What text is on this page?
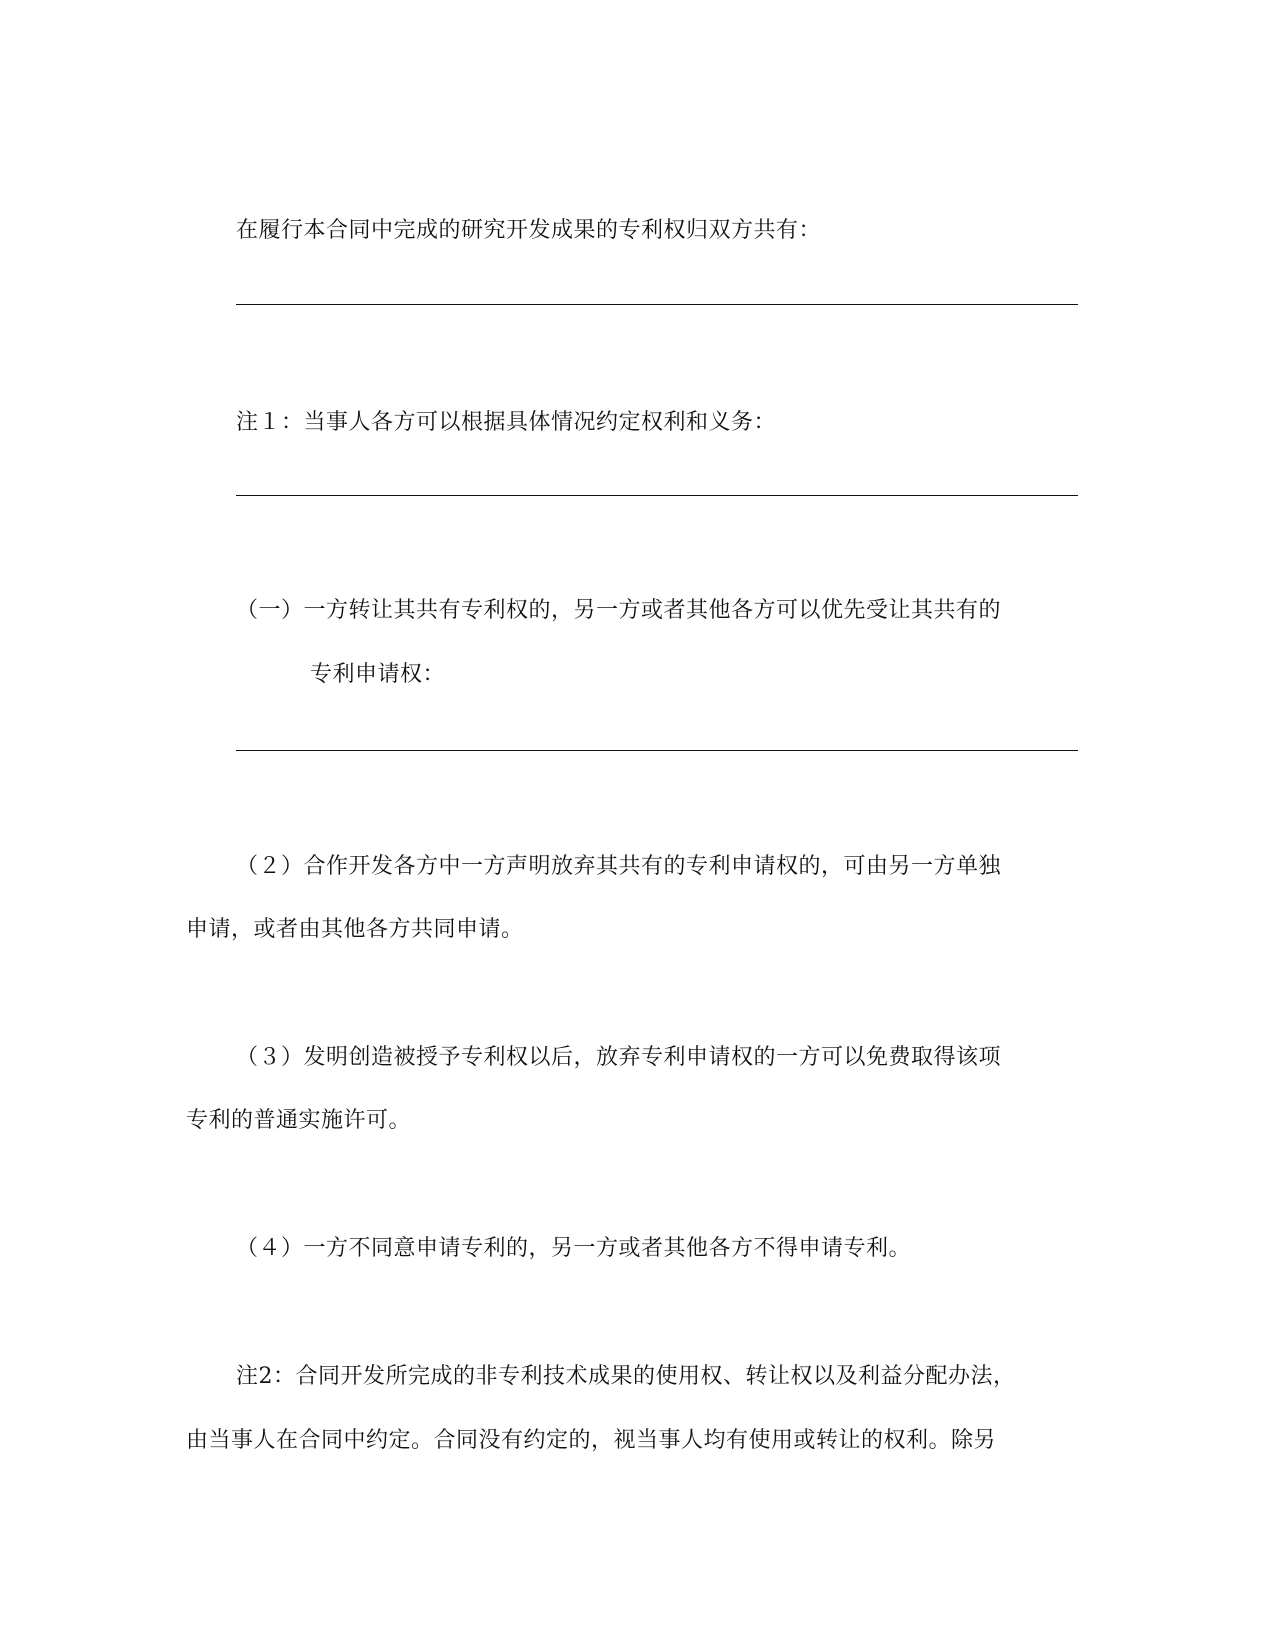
在履行本合同中完成的研究开发成果的专利权归双方共有：
注１：当事人各方可以根据具体情况约定权利和义务：
（一）一方转让其共有专利权的，另一方或者其他各方可以优先受让其共有的
专利申请权：
（２）合作开发各方中一方声明放弃其共有的专利申请权的，可由另一方单独
申请，或者由其他各方共同申请。
（３）发明创造被授予专利权以后，放弃专利申请权的一方可以免费取得该项
专利的普通实施许可。
（４）一方不同意申请专利的，另一方或者其他各方不得申请专利。
注2：合同开发所完成的非专利技术成果的使用权、转让权以及利益分配办法，
由当事人在合同中约定。合同没有约定的，视当事人均有使用或转让的权利。除另
